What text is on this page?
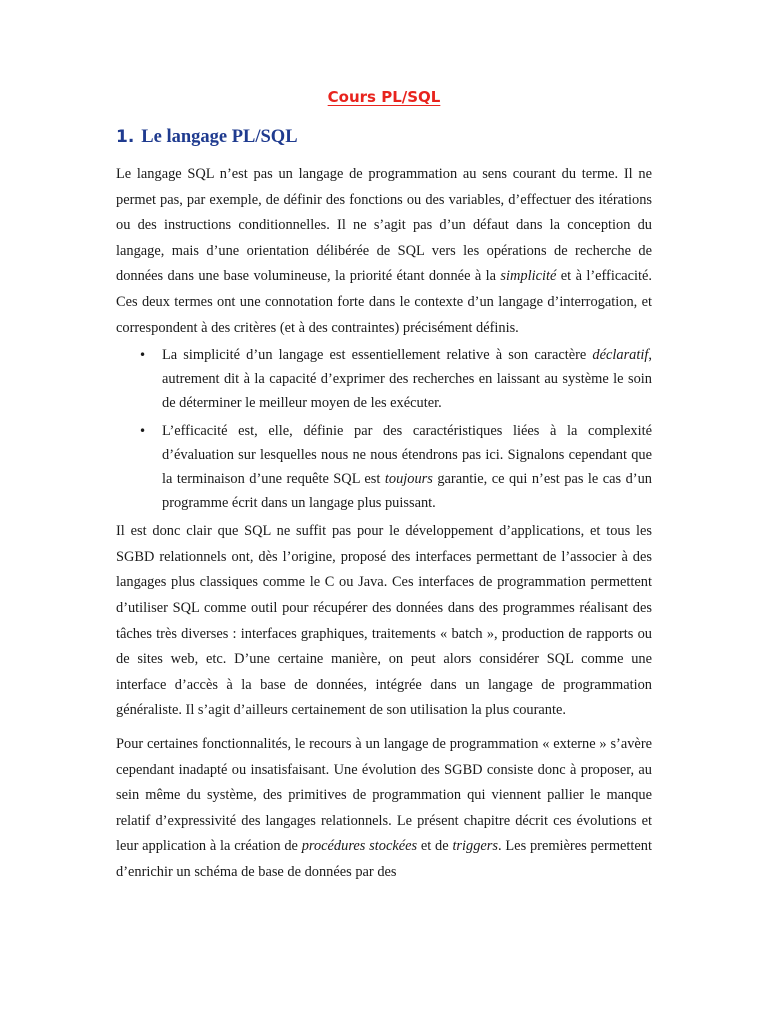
Cours PL/SQL
1. Le langage PL/SQL

Le langage SQL n’est pas un langage de programmation au sens courant du terme. Il ne permet pas, par exemple, de définir des fonctions ou des variables, d’effectuer des itérations ou des instructions conditionnelles. Il ne s’agit pas d’un défaut dans la conception du langage, mais d’une orientation délibérée de SQL vers les opérations de recherche de données dans une base volumineuse, la priorité étant donnée à la simplicité et à l’efficacité. Ces deux termes ont une connotation forte dans le contexte d’un langage d’interrogation, et correspondent à des critères (et à des contraintes) précisément définis.

• La simplicité d’un langage est essentiellement relative à son caractère déclaratif, autrement dit à la capacité d’exprimer des recherches en laissant au système le soin de déterminer le meilleur moyen de les exécuter.
• L’efficacité est, elle, définie par des caractéristiques liées à la complexité d’évaluation sur lesquelles nous ne nous étendrons pas ici. Signalons cependant que la terminaison d’une requête SQL est toujours garantie, ce qui n’est pas le cas d’un programme écrit dans un langage plus puissant.

Il est donc clair que SQL ne suffit pas pour le développement d’applications, et tous les SGBD relationnels ont, dès l’origine, proposé des interfaces permettant de l’associer à des langages plus classiques comme le C ou Java. Ces interfaces de programmation permettent d’utiliser SQL comme outil pour récupérer des données dans des programmes réalisant des tâches très diverses : interfaces graphiques, traitements « batch », production de rapports ou de sites web, etc. D’une certaine manière, on peut alors considérer SQL comme une interface d’accès à la base de données, intégrée dans un langage de programmation généraliste. Il s’agit d’ailleurs certainement de son utilisation la plus courante.

Pour certaines fonctionnalités, le recours à un langage de programmation « externe » s’avère cependant inadapté ou insatisfaisant. Une évolution des SGBD consiste donc à proposer, au sein même du système, des primitives de programmation qui viennent pallier le manque relatif d’expressivité des langages relationnels. Le présent chapitre décrit ces évolutions et leur application à la création de procédures stockées et de triggers. Les premières permettent d’enrichir un schéma de base de données par des
